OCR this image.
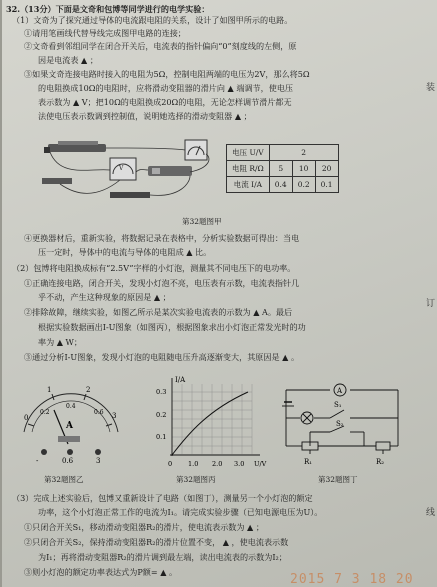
32.（13分）下面是文奇和包博等同学进行的电学实验：
（1）文奇为了探究通过导体的电流跟电阻的关系，设计了如图甲所示的电路。
①请用笔画线代替导线完成图甲电路的连接；
②文奇看到邻组同学在闭合开关后，电流表的指针偏向“0”刻度线的左侧，原
因是电流表 ▲ ；
③如果文奇连接电路时接入的电阻为5Ω，控制电阻两端的电压为2V，那么将5Ω
的电阻换成10Ω的电阻时，应将滑动变阻器的滑片向 ▲ 端调节，使电压
表示数为 ▲ V；把10Ω的电阻换成20Ω的电阻，无论怎样调节滑片都无
法使电压表示数调到控制值，说明她选择的滑动变阻器 ▲ ；
V
电压 U/V	2		
电阻 R/Ω	5	10	20
电流 I/A	0.4	0.2	0.1
第32题图甲
④更换器材后，重新实验，将数据记录在表格中，分析实验数据可得出：当电
压一定时，导体中的电流与导体的电阻成 ▲ 比。
（2）包博将电阻换成标有“2.5V”字样的小灯泡，测量其不同电压下的电功率。
①正确连接电路，闭合开关，发现小灯泡不亮，电压表有示数，电流表指针几
乎不动，产生这种现象的原因是 ▲ ；
②排除故障，继续实验，如图乙所示是某次实验电流表的示数为 ▲ A。最后
根据实验数据画出I-U图象（如图丙），根据图象求出小灯泡正常发光时的功
率为 ▲ W；
③通过分析I-U图象，发现小灯泡的电阻随电压升高逐渐变大，其原因是 ▲ 。
0
1	2
3
0.2
0.4
0.6
A
-	0.6	3
第32题图乙
I/A
0.3
0.2
0.1
0 1.0 2.0 3.0 U/V
第32题图丙
A
S₁
S₂
R₁	R₂
第32题图丁
（3）完成上述实验后，包博又重新设计了电路（如图丁），测量另一个小灯泡的额定
功率，这个小灯泡正常工作的电流为I₁。请完成实验步骤（已知电源电压为U）。
①只闭合开关S₁，移动滑动变阻器R₂的滑片，使电流表示数为 ▲ ；
②只闭合开关S₂，保持滑动变阻器R₂的滑片位置不变， ▲ ，使电流表示数
为I₁；再将滑动变阻器R₂的滑片调到最左端，读出电流表的示数为I₂；
③则小灯泡的额定功率表达式为P额= ▲ 。
装
订
线
2015 7 3 18 20
